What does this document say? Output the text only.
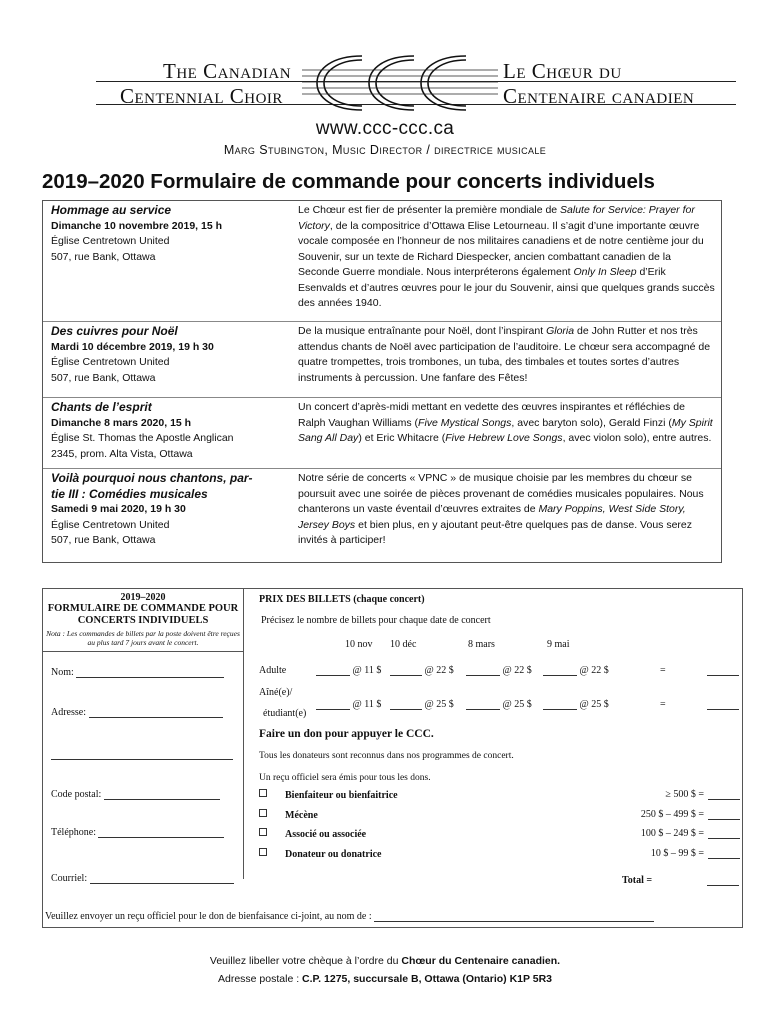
The Canadian
Centennial Choir
Le Chœur du
Centenaire canadien
www.ccc-ccc.ca
Marg Stubington, Music Director / directrice musicale
2019–2020 Formulaire de commande pour concerts individuels
Hommage au service
Dimanche 10 novembre 2019, 15 h
Église Centretown United
507, rue Bank, Ottawa
Le Chœur est fier de présenter la première mondiale de Salute for Service: Prayer for Victory, de la compositrice d’Ottawa Elise Letourneau. Il s’agit d’une importante œuvre vocale composée en l’honneur de nos militaires canadiens et de notre centième jour du Souvenir, sur un texte de Richard Diespecker, ancien combattant canadien de la Seconde Guerre mondiale. Nous interpréterons également Only In Sleep d’Erik Esenvalds et d’autres œuvres pour le jour du Souvenir, ainsi que quelques grands succès des années 1940.
Des cuivres pour Noël
Mardi 10 décembre 2019, 19 h 30
Église Centretown United
507, rue Bank, Ottawa
De la musique entraînante pour Noël, dont l’inspirant Gloria de John Rutter et nos très attendus chants de Noël avec participation de l’auditoire. Le chœur sera accompagné de quatre trompettes, trois trombones, un tuba, des timbales et toutes sortes d’autres instruments à percussion. Une fanfare des Fêtes!
Chants de l’esprit
Dimanche 8 mars 2020, 15 h
Église St. Thomas the Apostle Anglican
2345, prom. Alta Vista, Ottawa
Un concert d’après-midi mettant en vedette des œuvres inspirantes et réfléchies de Ralph Vaughan Williams (Five Mystical Songs, avec baryton solo), Gerald Finzi (My Spirit Sang All Day) et Eric Whitacre (Five Hebrew Love Songs, avec violon solo), entre autres.
Voilà pourquoi nous chantons, par-
tie III : Comédies musicales
Samedi 9 mai 2020, 19 h 30
Église Centretown United
507, rue Bank, Ottawa
Notre série de concerts « VPNC » de musique choisie par les membres du chœur se poursuit avec une soirée de pièces provenant de comédies musicales populaires. Nous chanterons un vaste éventail d’œuvres extraites de Mary Poppins, West Side Story, Jersey Boys et bien plus, en y ajoutant peut-être quelques pas de danse. Vous serez invités à participer!
2019–2020
FORMULAIRE DE COMMANDE POUR CONCERTS INDIVIDUELS
Nota : Les commandes de billets par la poste doivent être reçues au plus tard 7 jours avant le concert.
Nom:
Adresse:
Code postal:
Téléphone:
Courriel:
PRIX DES BILLETS (chaque concert)
Précisez le nombre de billets pour chaque date de concert
10 nov 10 déc	8 mars	9 mai
Adulte	@ 11 $	@ 22 $	@ 22 $	@ 22 $	=
Aîné(e)/
étudiant(e)
@ 11 $	@ 25 $	@ 25 $	@ 25 $	=
Faire un don pour appuyer le CCC.
Tous les donateurs sont reconnus dans nos programmes de concert.
Un reçu officiel sera émis pour tous les dons.
Bienfaiteur ou bienfaitrice	≥ 500 $ =
Mécène	250 $ – 499 $ =
Associé ou associée	100 $ – 249 $ =
Donateur ou donatrice	10 $ – 99 $ =
Total =
Veuillez envoyer un reçu officiel pour le don de bienfaisance ci-joint, au nom de :
Veuillez libeller votre chèque à l’ordre du Chœur du Centenaire canadien.
Adresse postale : C.P. 1275, succursale B, Ottawa (Ontario) K1P 5R3
